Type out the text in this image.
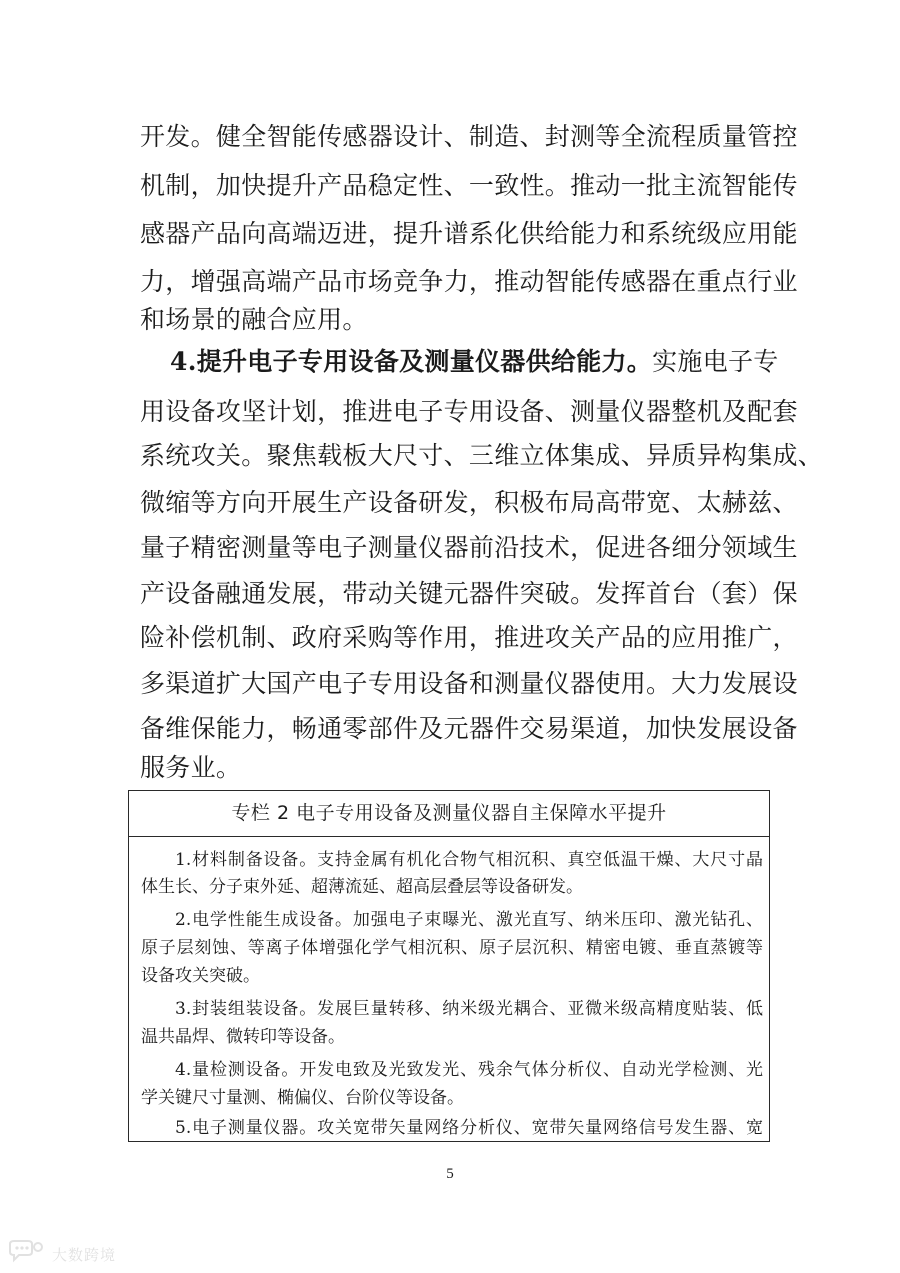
开发。健全智能传感器设计、制造、封测等全流程质量管控
机制，加快提升产品稳定性、一致性。推动一批主流智能传
感器产品向高端迈进，提升谱系化供给能力和系统级应用能
力，增强高端产品市场竞争力，推动智能传感器在重点行业
和场景的融合应用。
4.提升电子专用设备及测量仪器供给能力。实施电子专
用设备攻坚计划，推进电子专用设备、测量仪器整机及配套
系统攻关。聚焦载板大尺寸、三维立体集成、异质异构集成、
微缩等方向开展生产设备研发，积极布局高带宽、太赫兹、
量子精密测量等电子测量仪器前沿技术，促进各细分领域生
产设备融通发展，带动关键元器件突破。发挥首台（套）保
险补偿机制、政府采购等作用，推进攻关产品的应用推广，
多渠道扩大国产电子专用设备和测量仪器使用。大力发展设
备维保能力，畅通零部件及元器件交易渠道，加快发展设备
服务业。
专栏 2 电子专用设备及测量仪器自主保障水平提升
1.材料制备设备。支持金属有机化合物气相沉积、真空低温干燥、大尺寸晶
体生长、分子束外延、超薄流延、超高层叠层等设备研发。
2.电学性能生成设备。加强电子束曝光、激光直写、纳米压印、激光钻孔、
原子层刻蚀、等离子体增强化学气相沉积、原子层沉积、精密电镀、垂直蒸镀等
设备攻关突破。
3.封装组装设备。发展巨量转移、纳米级光耦合、亚微米级高精度贴装、低
温共晶焊、微转印等设备。
4.量检测设备。开发电致及光致发光、残余气体分析仪、自动光学检测、光
学关键尺寸量测、椭偏仪、台阶仪等设备。
5.电子测量仪器。攻关宽带矢量网络分析仪、宽带矢量网络信号发生器、宽
5
大数跨境
